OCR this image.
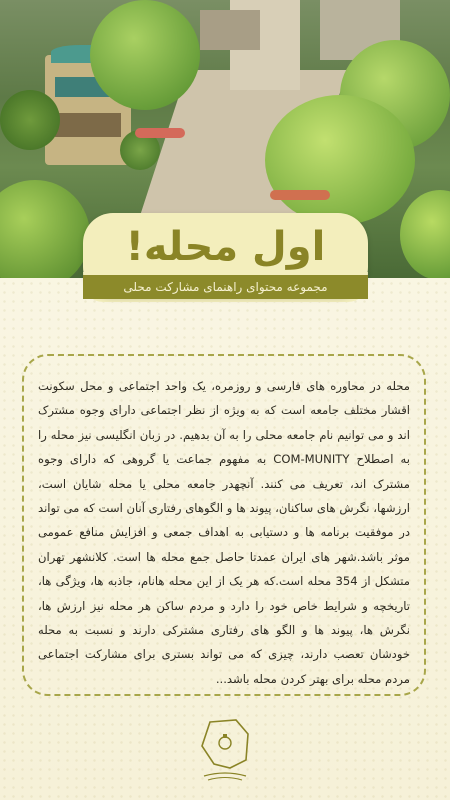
اول محله!
مجموعه محتوای راهنمای مشارکت محلی

محله در محاوره های فارسی و روزمره، یک واحد اجتماعی و محل سکونت اقشار مختلف جامعه است که به ویژه از نظر اجتماعی دارای وجوه مشترک اند و می توانیم نام جامعه محلی را به آن بدهیم. در زبان انگلیسی نیز محله را به اصطلاح COM-MUNITY به مفهوم جماعت یا گروهی که دارای وجوه مشترک اند، تعریف می کنند. آنچهدر جامعه محلی یا محله شایان است، ارزشها، نگرش های ساکنان، پیوند ها و الگوهای رفتاری آنان است که می تواند در موفقیت برنامه ها و دستیابی به اهداف جمعی و افزایش منافع عمومی موثر باشد.شهر های ایران عمدتا حاصل جمع محله ها است. کلانشهر تهران متشکل از 354 محله است.که هر یک از این محله هانام، جاذبه ها، ویژگی ها، تاریخچه و شرایط خاص خود را دارد و مردم ساکن هر محله نیز ارزش ها، نگرش ها، پیوند ها و الگو های رفتاری مشترکی دارند و نسبت به محله خودشان تعصب دارند، چیزی که می تواند بستری برای مشارکت اجتماعی مردم محله برای بهتر کردن محله باشد...
